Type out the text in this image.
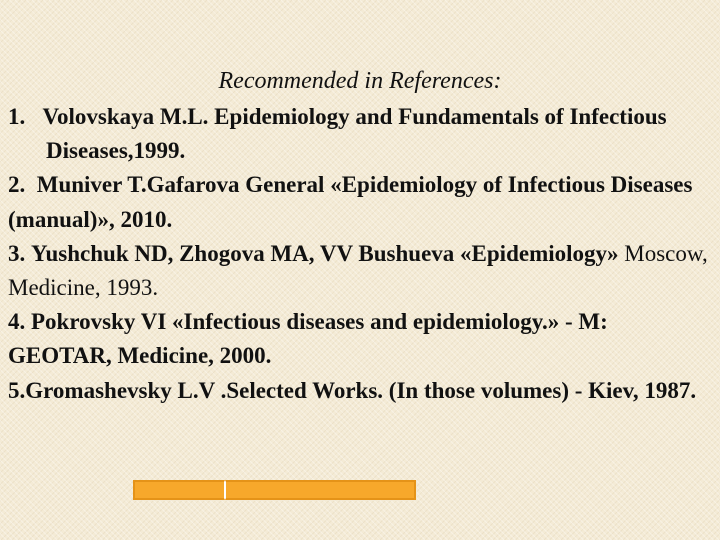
Recommended in References:

1. Volovskaya M.L. Epidemiology and Fundamentals of Infectious Diseases,1999.

2. Muniver T.Gafarova General «Epidemiology of Infectious Diseases (manual)», 2010.

3. Yushchuk ND, Zhogova MA, VV Bushueva «Epidemiology» Moscow, Medicine, 1993.

4. Pokrovsky VI «Infectious diseases and epidemiology.» - M: GEOTAR, Medicine, 2000.

5.Gromashevsky L.V .Selected Works. (In those volumes) - Kiev, 1987.
